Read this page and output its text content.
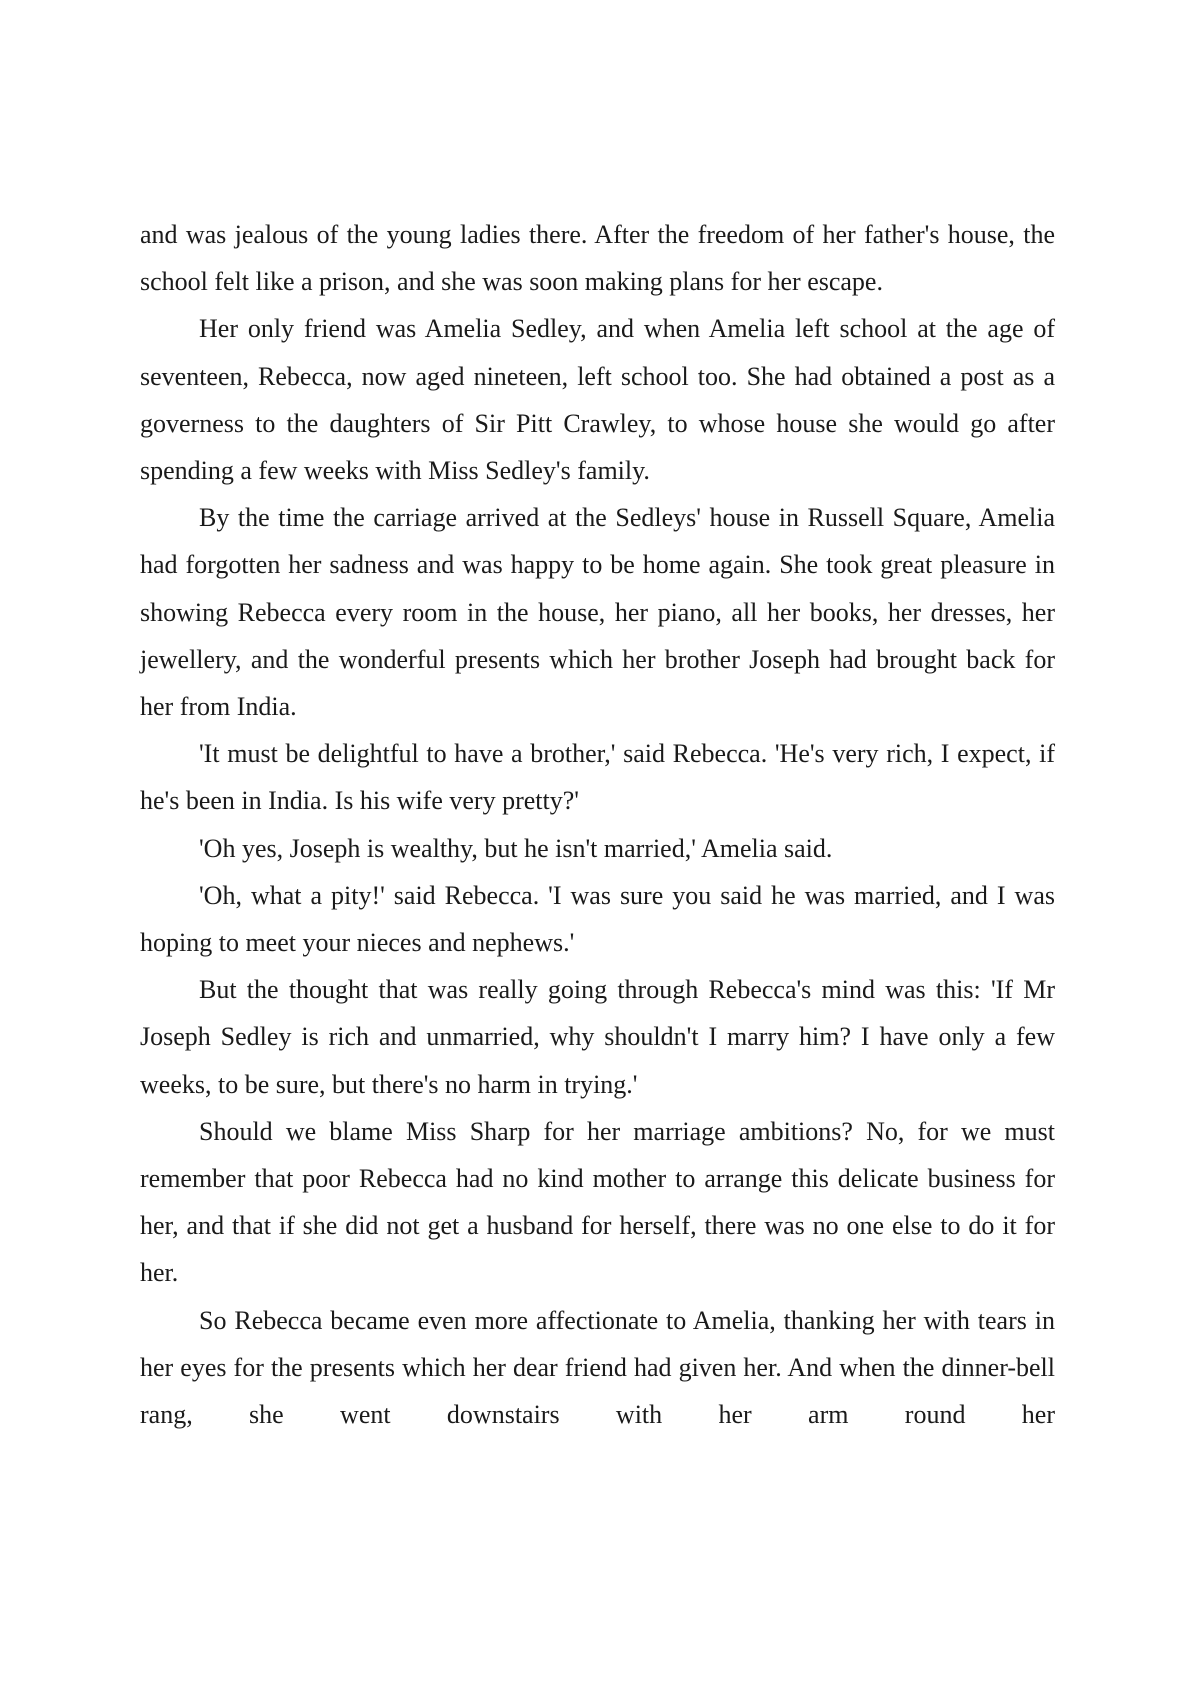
and was jealous of the young ladies there. After the freedom of her father's house, the school felt like a prison, and she was soon making plans for her escape.

Her only friend was Amelia Sedley, and when Amelia left school at the age of seventeen, Rebecca, now aged nineteen, left school too. She had obtained a post as a governess to the daughters of Sir Pitt Crawley, to whose house she would go after spending a few weeks with Miss Sedley's family.

By the time the carriage arrived at the Sedleys' house in Russell Square, Amelia had forgotten her sadness and was happy to be home again. She took great pleasure in showing Rebecca every room in the house, her piano, all her books, her dresses, her jewellery, and the wonderful presents which her brother Joseph had brought back for her from India.

'It must be delightful to have a brother,' said Rebecca. 'He's very rich, I expect, if he's been in India. Is his wife very pretty?'

'Oh yes, Joseph is wealthy, but he isn't married,' Amelia said.

'Oh, what a pity!' said Rebecca. 'I was sure you said he was married, and I was hoping to meet your nieces and nephews.'

But the thought that was really going through Rebecca's mind was this: 'If Mr Joseph Sedley is rich and unmarried, why shouldn't I marry him? I have only a few weeks, to be sure, but there's no harm in trying.'

Should we blame Miss Sharp for her marriage ambitions? No, for we must remember that poor Rebecca had no kind mother to arrange this delicate business for her, and that if she did not get a husband for herself, there was no one else to do it for her.

So Rebecca became even more affectionate to Amelia, thanking her with tears in her eyes for the presents which her dear friend had given her. And when the dinner-bell rang, she went downstairs with her arm round her
